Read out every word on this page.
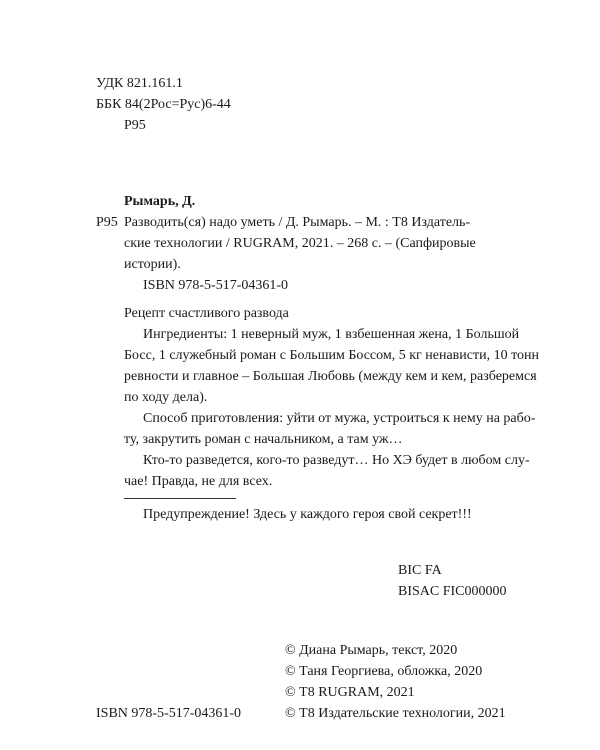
УДК 821.161.1
ББК 84(2Рос=Рус)6-44
Р95
Рымарь, Д.
Р95 Разводить(ся) надо уметь / Д. Рымарь. – М. : Т8 Издатель-
ские технологии / RUGRAM, 2021. – 268 с. – (Сапфировые
истории).
ISBN 978-5-517-04361-0
Рецепт счастливого развода
Ингредиенты: 1 неверный муж, 1 взбешенная жена, 1 Большой
Босс, 1 служебный роман с Большим Боссом, 5 кг ненависти, 10 тонн
ревности и главное – Большая Любовь (между кем и кем, разберемся
по ходу дела).
Способ приготовления: уйти от мужа, устроиться к нему на рабо-
ту, закрутить роман с начальником, а там уж…
Кто-то разведется, кого-то разведут… Но ХЭ будет в любом слу-
чае! Правда, не для всех.
Предупреждение! Здесь у каждого героя свой секрет!!!
BIC FA
BISAC FIC000000
© Диана Рымарь, текст, 2020
© Таня Георгиева, обложка, 2020
© Т8 RUGRAM, 2021
ISBN 978-5-517-04361-0	© Т8 Издательские технологии, 2021
